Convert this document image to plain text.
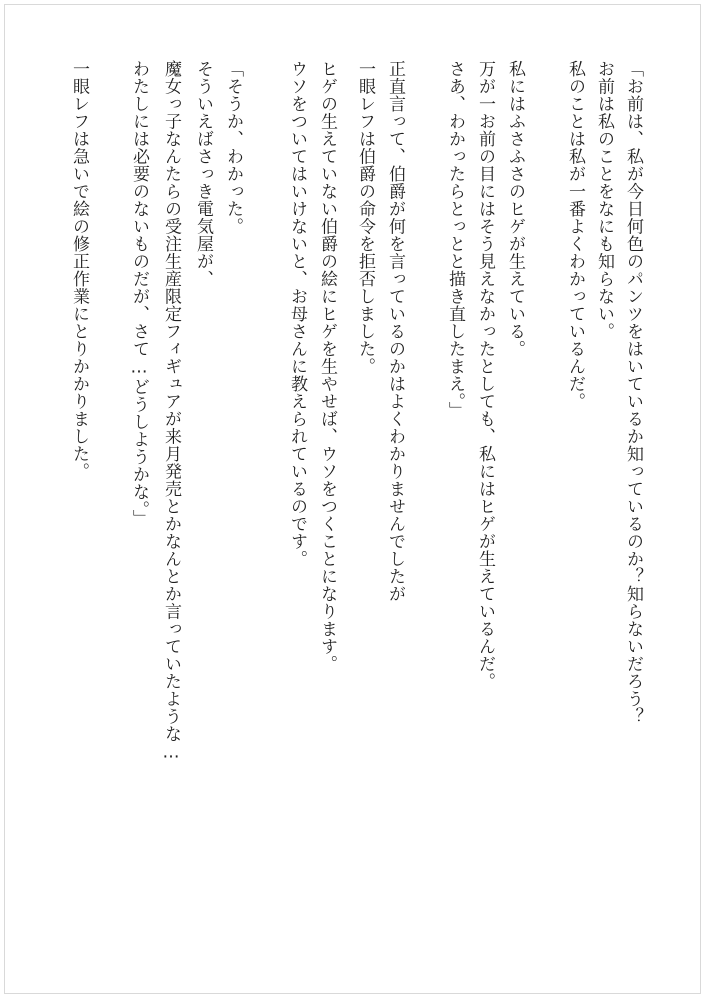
「お前は、私が今日何色のパンツをはいているか知っているのか？知らないだろう？
お前は私のことをなにも知らない。
私のことは私が一番よくわかっているんだ。
私にはふさふさのヒゲが生えている。
万が一お前の目にはそう見えなかったとしても、私にはヒゲが生えているんだ。
さあ、わかったらとっとと描き直したまえ。」
正直言って、伯爵が何を言っているのかはよくわかりませんでしたが
一眼レフは伯爵の命令を拒否しました。
ヒゲの生えていない伯爵の絵にヒゲを生やせば、ウソをつくことになります。
ウソをついてはいけないと、お母さんに教えられているのです。
「そうか、わかった。
そういえばさっき電気屋が、
魔女っ子なんたらの受注生産限定フィギュアが来月発売とかなんとか言っていたような…
わたしには必要のないものだが、さて…どうしようかな。」
一眼レフは急いで絵の修正作業にとりかかりました。
